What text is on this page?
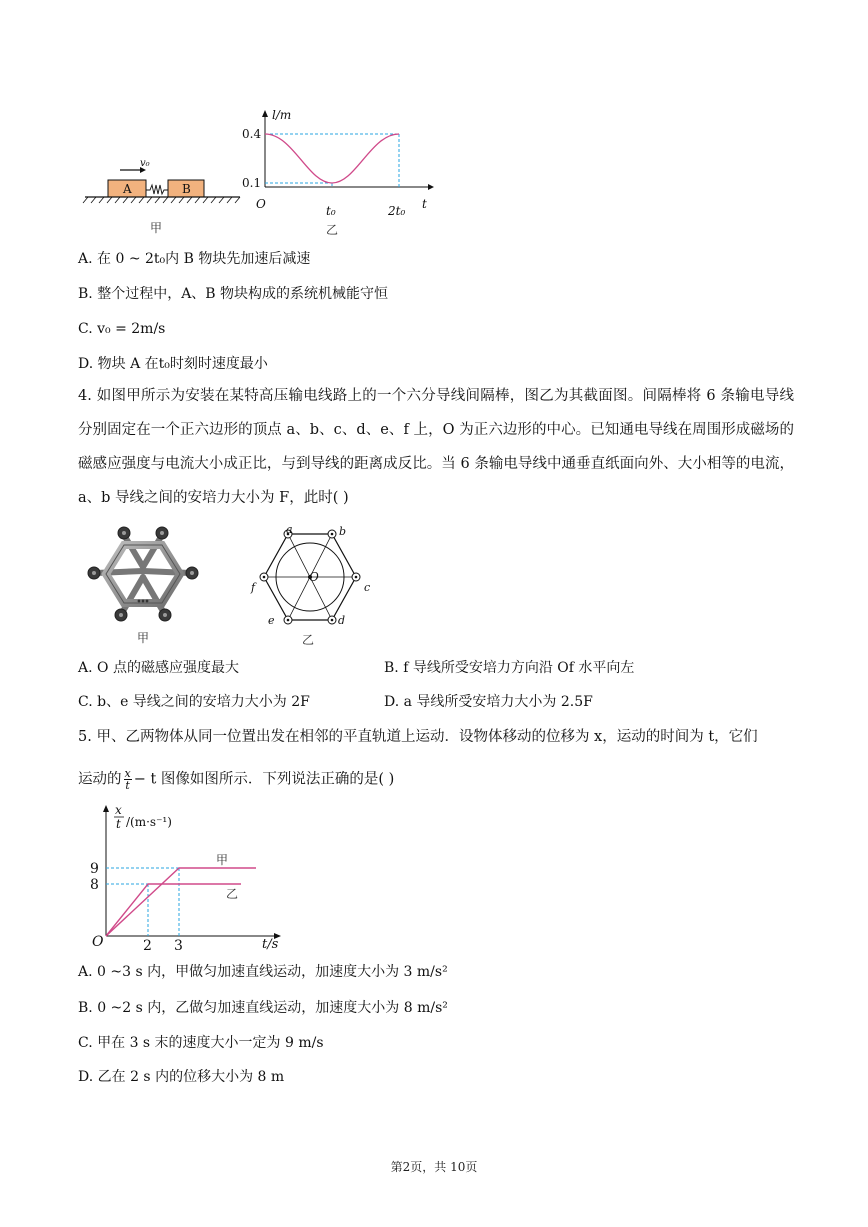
v₀
A	B
甲
l/m
0.4
0.1
O	t₀	2t₀ t
乙
A. 在 0 ~ 2t₀内 B 物块先加速后减速
B. 整个过程中，A、B 物块构成的系统机械能守恒
C. v₀ = 2m/s
D. 物块 A 在t₀时刻时速度最小
4. 如图甲所示为安装在某特高压输电线路上的一个六分导线间隔棒，图乙为其截面图。间隔棒将 6 条输电导线分别固定在一个正六边形的顶点 a、b、c、d、e、f 上，O 为正六边形的中心。已知通电导线在周围形成磁场的磁感应强度与电流大小成正比，与到导线的距离成反比。当 6 条输电导线中通垂直纸面向外、大小相等的电流，a、b 导线之间的安培力大小为 F，此时( )
甲
a	b
c
d
e
f
O
乙
A. O 点的磁感应强度最大	B. f 导线所受安培力方向沿 Of 水平向左
C. b、e 导线之间的安培力大小为 2F	D. a 导线所受安培力大小为 2.5F
5. 甲、乙两物体从同一位置出发在相邻的平直轨道上运动．设物体移动的位移为 x，运动的时间为 t，它们
运动的 $\frac{x}{t} - t$ 图像如图所示．下列说法正确的是( )
x
t /(m·s⁻¹)
甲
乙
9
8
O	2 3	t/s
A. 0 ~3 s 内，甲做匀加速直线运动，加速度大小为 3 m/s²
B. 0 ~2 s 内，乙做匀加速直线运动，加速度大小为 8 m/s²
C. 甲在 3 s 末的速度大小一定为 9 m/s
D. 乙在 2 s 内的位移大小为 8 m
第2页，共 10页
